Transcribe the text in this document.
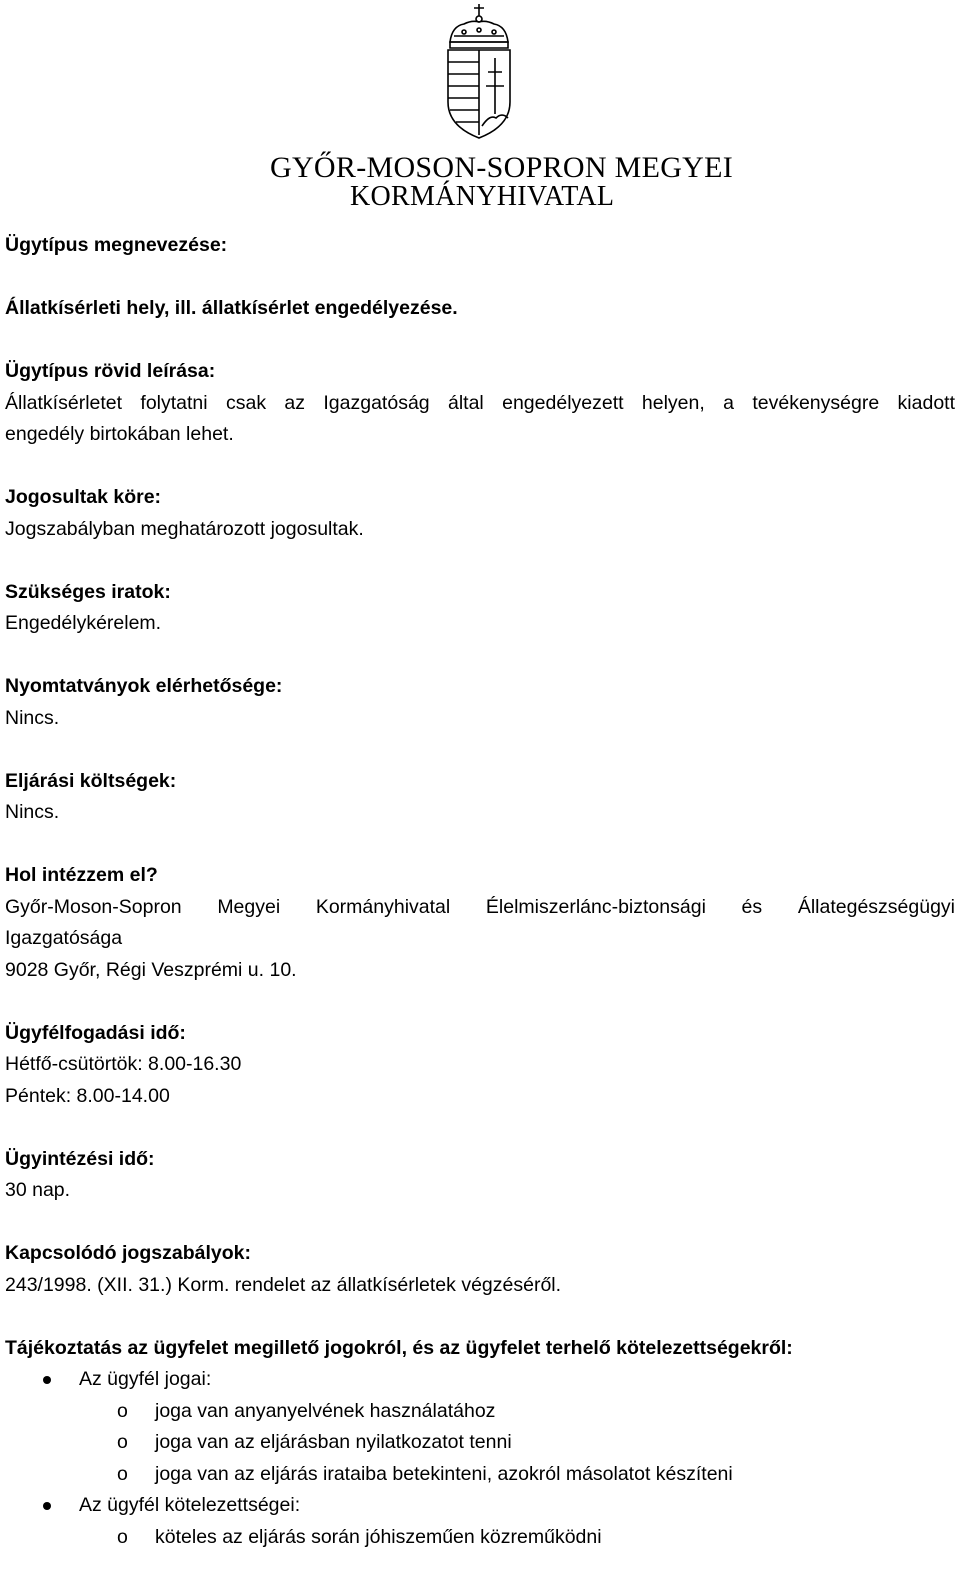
GYŐR-MOSON-SOPRON MEGYEI
KORMÁNYHIVATAL

Ügytípus megnevezése:

Állatkísérleti hely, ill. állatkísérlet engedélyezése.

Ügytípus rövid leírása:

Állatkísérletet folytatni csak az Igazgatóság által engedélyezett helyen, a tevékenységre kiadott

engedély birtokában lehet.

Jogosultak köre:

Jogszabályban meghatározott jogosultak.

Szükséges iratok:

Engedélykérelem.

Nyomtatványok elérhetősége:

Nincs.

Eljárási költségek:

Nincs.

Hol intézzem el?

Győr-Moson-Sopron Megyei Kormányhivatal Élelmiszerlánc-biztonsági és Állategészségügyi

Igazgatósága

9028 Győr, Régi Veszprémi u. 10.

Ügyfélfogadási idő:

Hétfő-csütörtök: 8.00-16.30

Péntek: 8.00-14.00

Ügyintézési idő:

30 nap.

Kapcsolódó jogszabályok:

243/1998. (XII. 31.) Korm. rendelet az állatkísérletek végzéséről.

Tájékoztatás az ügyfelet megillető jogokról, és az ügyfelet terhelő kötelezettségekről:

Az ügyfél jogai:
o joga van anyanyelvének használatához
o joga van az eljárásban nyilatkozatot tenni
o joga van az eljárás irataiba betekinteni, azokról másolatot készíteni
Az ügyfél kötelezettségei:
o köteles az eljárás során jóhiszeműen közreműködni
